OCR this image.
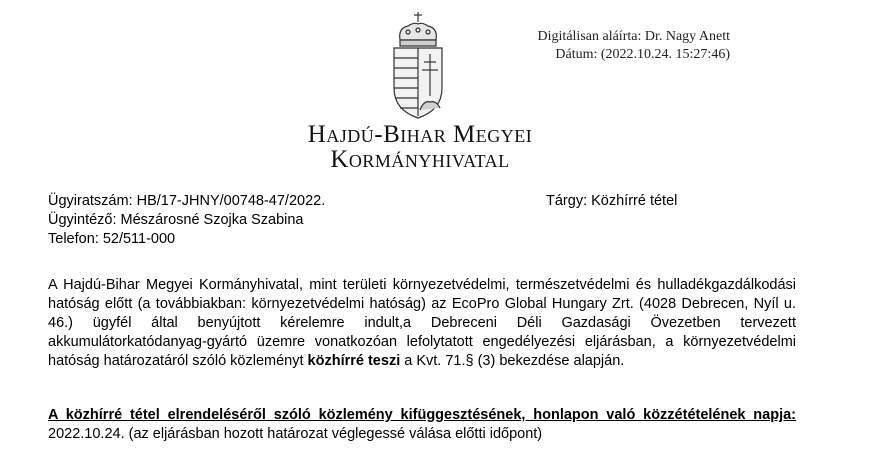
Hajdú-Bihar Megyei
Kormányhivatal
Digitálisan aláírta: Dr. Nagy Anett
Dátum: (2022.10.24. 15:27:46)
Ügyiratszám: HB/17-JHNY/00748-47/2022.
Ügyintéző: Mészárosné Szojka Szabina
Telefon: 52/511-000
Tárgy: Közhírré tétel
A Hajdú-Bihar Megyei Kormányhivatal, mint területi környezetvédelmi, természetvédelmi és hulladékgazdálkodási hatóság előtt (a továbbiakban: környezetvédelmi hatóság) az EcoPro Global Hungary Zrt. (4028 Debrecen, Nyíl u. 46.) ügyfél által benyújtott kérelemre indult,a Debreceni Déli Gazdasági Övezetben tervezett akkumulátorkatódanyag-gyártó üzemre vonatkozóan lefolytatott engedélyezési eljárásban, a környezetvédelmi hatóság határozatáról szóló közleményt közhírré teszi a Kvt. 71.§ (3) bekezdése alapján.
A közhírré tétel elrendeléséről szóló közlemény kifüggesztésének, honlapon való közzétételének napja: 2022.10.24. (az eljárásban hozott határozat véglegessé válása előtti időpont)
